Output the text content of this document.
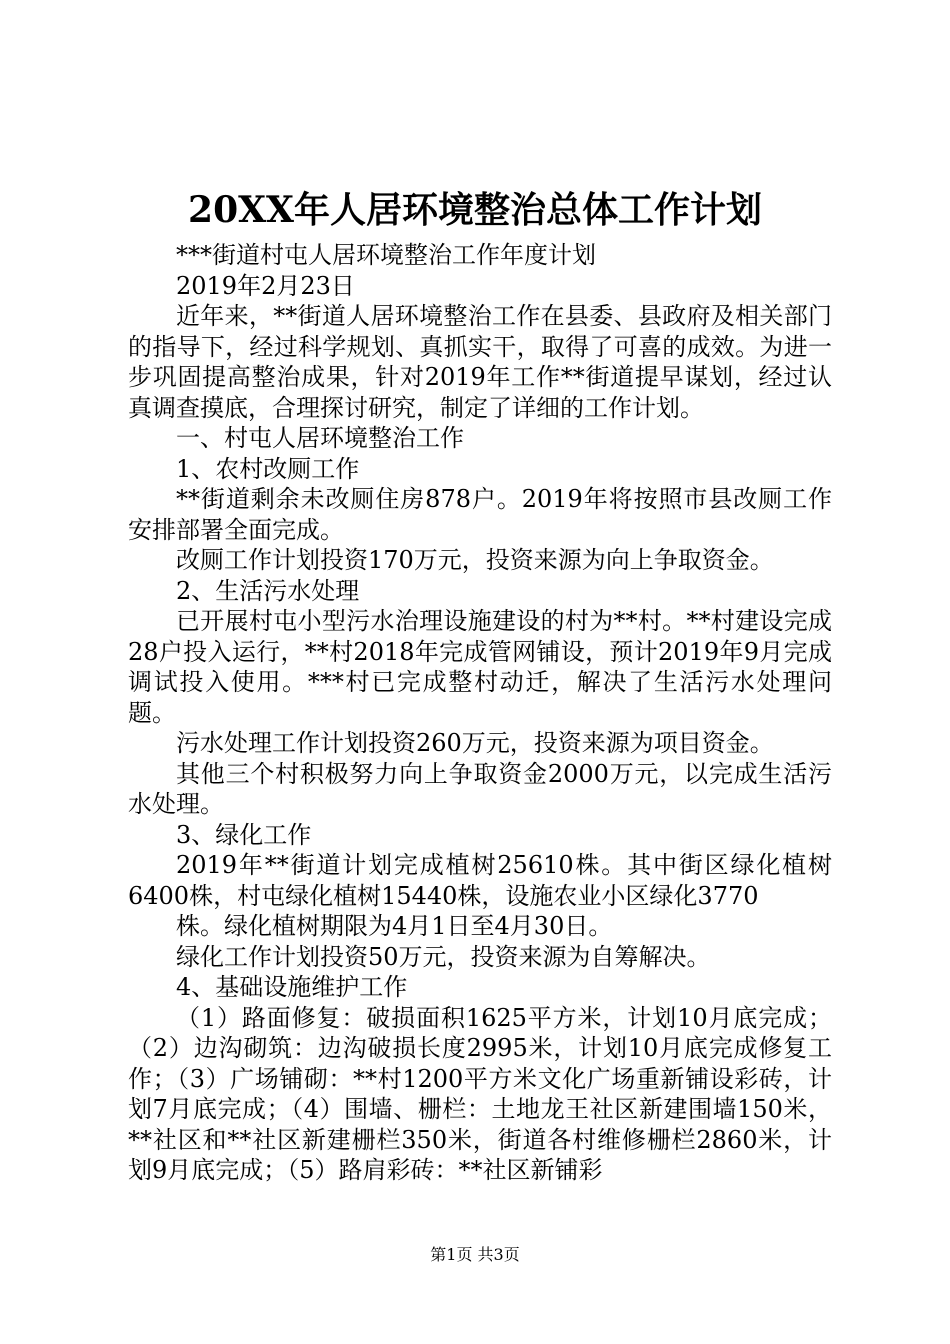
20XX年人居环境整治总体工作计划

***街道村屯人居环境整治工作年度计划

2019年2月23日

近年来，**街道人居环境整治工作在县委、县政府及相关部门的指导下，经过科学规划、真抓实干，取得了可喜的成效。为进一步巩固提高整治成果，针对2019年工作**街道提早谋划，经过认真调查摸底，合理探讨研究，制定了详细的工作计划。

一、村屯人居环境整治工作

1、农村改厕工作

**街道剩余未改厕住房878户。2019年将按照市县改厕工作安排部署全面完成。

改厕工作计划投资170万元，投资来源为向上争取资金。

2、生活污水处理

已开展村屯小型污水治理设施建设的村为**村。**村建设完成28户投入运行，**村2018年完成管网铺设，预计2019年9月完成调试投入使用。***村已完成整村动迁，解决了生活污水处理问题。

污水处理工作计划投资260万元，投资来源为项目资金。

其他三个村积极努力向上争取资金2000万元，以完成生活污水处理。

3、绿化工作

2019年**街道计划完成植树25610株。其中街区绿化植树6400株，村屯绿化植树15440株，设施农业小区绿化3770

株。绿化植树期限为4月1日至4月30日。

绿化工作计划投资50万元，投资来源为自筹解决。

4、基础设施维护工作

（1）路面修复：破损面积1625平方米，计划10月底完成；（2）边沟砌筑：边沟破损长度2995米，计划10月底完成修复工作；（3）广场铺砌：**村1200平方米文化广场重新铺设彩砖，计划7月底完成；（4）围墙、栅栏：土地龙王社区新建围墙150米，**社区和**社区新建栅栏350米，街道各村维修栅栏2860米，计划9月底完成；（5）路肩彩砖：**社区新铺彩

第1页 共3页
